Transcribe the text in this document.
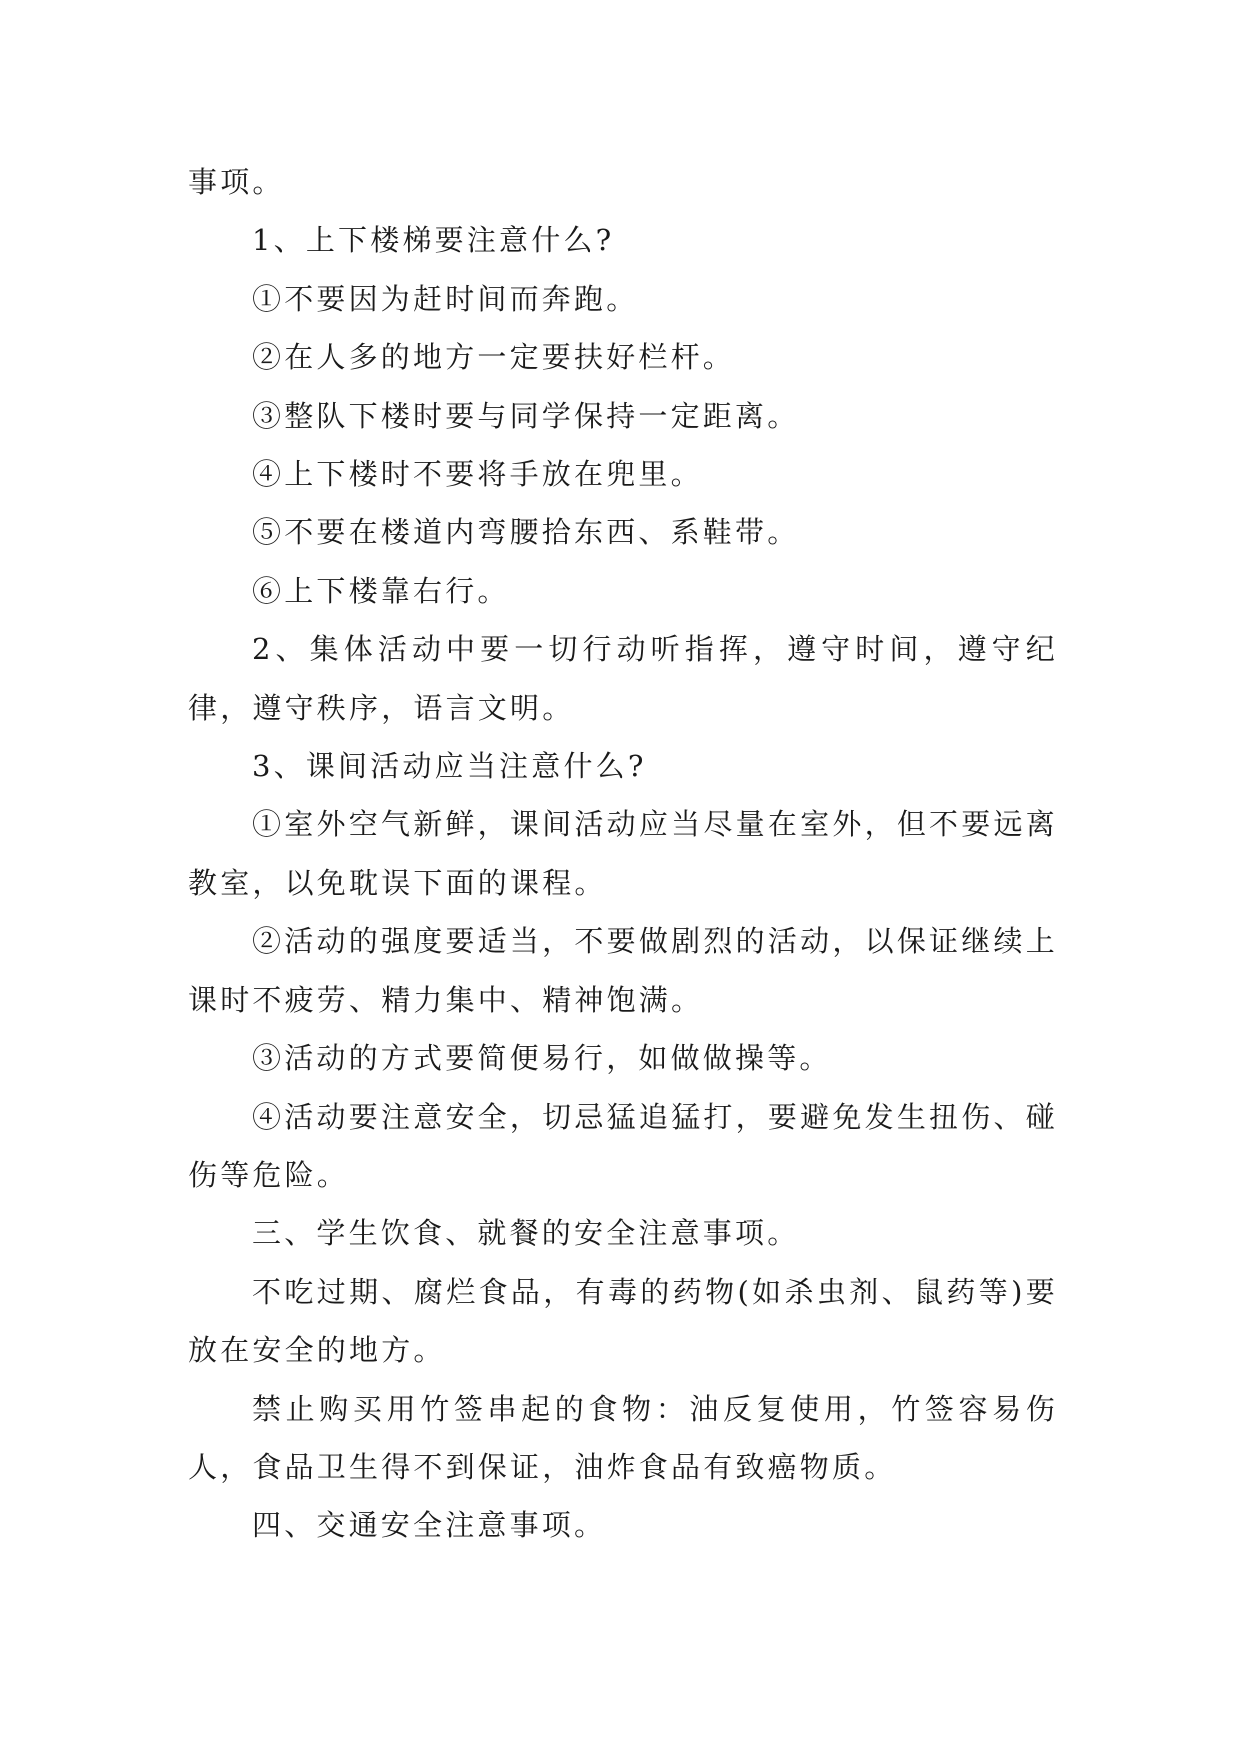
事项。

1、上下楼梯要注意什么?

①不要因为赶时间而奔跑。

②在人多的地方一定要扶好栏杆。

③整队下楼时要与同学保持一定距离。

④上下楼时不要将手放在兜里。

⑤不要在楼道内弯腰拾东西、系鞋带。

⑥上下楼靠右行。

2、集体活动中要一切行动听指挥，遵守时间，遵守纪律，遵守秩序，语言文明。

3、课间活动应当注意什么?

①室外空气新鲜，课间活动应当尽量在室外，但不要远离教室，以免耽误下面的课程。

②活动的强度要适当，不要做剧烈的活动，以保证继续上课时不疲劳、精力集中、精神饱满。

③活动的方式要简便易行，如做做操等。

④活动要注意安全，切忌猛追猛打，要避免发生扭伤、碰伤等危险。

三、学生饮食、就餐的安全注意事项。

不吃过期、腐烂食品，有毒的药物(如杀虫剂、鼠药等)要放在安全的地方。

禁止购买用竹签串起的食物：油反复使用，竹签容易伤人，食品卫生得不到保证，油炸食品有致癌物质。

四、交通安全注意事项。
